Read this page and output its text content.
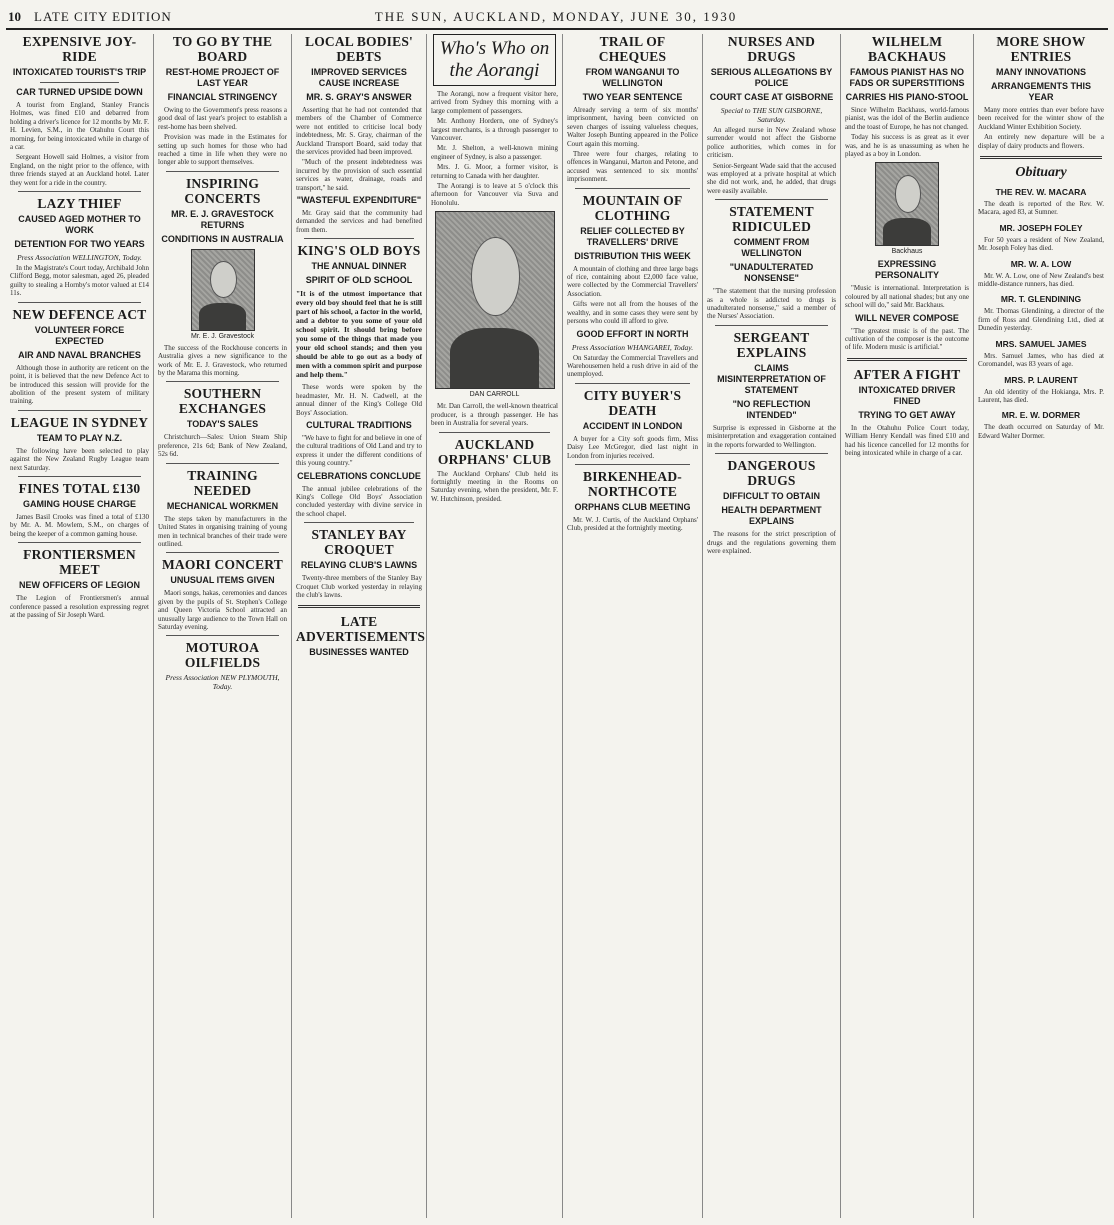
10 LATE CITY EDITION	THE SUN, AUCKLAND, MONDAY, JUNE 30, 1930
EXPENSIVE JOY-RIDE
INTOXICATED TOURIST'S TRIP
CAR TURNED UPSIDE DOWN

A tourist from England, Stanley Francis Holmes, was fined £10 and debarred from holding a driver's licence for 12 months by Mr. F. H. Levien, S.M., in the Otahuhu Court this morning, for being intoxicated while in charge of a car.

Sergeant Howell said Holmes, a visitor from England, on the night prior to the offence, with three friends stayed at an Auckland hotel. Later they went for a ride in the country.

LAZY THIEF
CAUSED AGED MOTHER TO WORK
DETENTION FOR TWO YEARS
Press Association WELLINGTON, Today.

In the Magistrate's Court today, Archibald John Clifford Begg, motor salesman, aged 26, pleaded guilty to stealing a Hornby's motor valued at £14 11s.

NEW DEFENCE ACT
VOLUNTEER FORCE EXPECTED
AIR AND NAVAL BRANCHES

Although those in authority are reticent on the point, it is believed that the new Defence Act to be introduced this session will provide for the abolition of the present system of military training.

LEAGUE IN SYDNEY
TEAM TO PLAY N.Z.

The following have been selected to play against the New Zealand Rugby League team next Saturday.

FINES TOTAL £130
GAMING HOUSE CHARGE

James Basil Crooks was fined a total of £130 by Mr. A. M. Mowlem, S.M., on charges of being the keeper of a common gaming house.

FRONTIERSMEN MEET
NEW OFFICERS OF LEGION

The Legion of Frontiersmen's annual conference passed a resolution expressing regret at the passing of Sir Joseph Ward.

TO GO BY THE BOARD
REST-HOME PROJECT OF LAST YEAR
FINANCIAL STRINGENCY

Owing to the Government's press reasons a good deal of last year's project to establish a rest-home has been shelved.

Provision was made in the Estimates for setting up such homes for those who had reached a time in life when they were no longer able to support themselves.

INSPIRING CONCERTS
MR. E. J. GRAVESTOCK RETURNS
CONDITIONS IN AUSTRALIA
Mr. E. J. Gravestock

The success of the Rockhouse concerts in Australia gives a new significance to the work of Mr. E. J. Gravestock, who returned by the Marama this morning.

SOUTHERN EXCHANGES
TODAY'S SALES

Christchurch—Sales: Union Steam Ship preference, 21s 6d; Bank of New Zealand, 52s 6d.

TRAINING NEEDED
MECHANICAL WORKMEN

The steps taken by manufacturers in the United States in organising training of young men in technical branches of their trade were outlined.

MAORI CONCERT
UNUSUAL ITEMS GIVEN

Maori songs, hakas, ceremonies and dances given by the pupils of St. Stephen's College and Queen Victoria School attracted an unusually large audience to the Town Hall on Saturday evening.

MOTUROA OILFIELDS
Press Association NEW PLYMOUTH, Today.
LOCAL BODIES' DEBTS
IMPROVED SERVICES CAUSE INCREASE
MR. S. GRAY'S ANSWER

Asserting that he had not contended that members of the Chamber of Commerce were not entitled to criticise local body indebtedness, Mr. S. Gray, chairman of the Auckland Transport Board, said today that the services provided had been improved.

"Much of the present indebtedness was incurred by the provision of such essential services as water, drainage, roads and transport," he said.

"WASTEFUL EXPENDITURE"

Mr. Gray said that the community had demanded the services and had benefited from them.

KING'S OLD BOYS
THE ANNUAL DINNER
SPIRIT OF OLD SCHOOL

"It is of the utmost importance that every old boy should feel that he is still part of his school, a factor in the world, and a debtor to you some of your old school spirit. It should bring before you some of the things that made you your old school stands; and then you should be able to go out as a body of men with a common spirit and purpose and help them."

These words were spoken by the headmaster, Mr. H. N. Cadwell, at the annual dinner of the King's College Old Boys' Association.

CULTURAL TRADITIONS

"We have to fight for and believe in one of the cultural traditions of Old Land and try to express it under the different conditions of this young country."

CELEBRATIONS CONCLUDE

The annual jubilee celebrations of the King's College Old Boys' Association concluded yesterday with divine service in the school chapel.

STANLEY BAY CROQUET
RELAYING CLUB'S LAWNS

Twenty-three members of the Stanley Bay Croquet Club worked yesterday in relaying the club's lawns.

LATE ADVERTISEMENTS
BUSINESSES WANTED
Who's Who on the Aorangi

The Aorangi, now a frequent visitor here, arrived from Sydney this morning with a large complement of passengers.

Mr. Anthony Hordern, one of Sydney's largest merchants, is a through passenger to Vancouver.

Mr. J. Shelton, a well-known mining engineer of Sydney, is also a passenger.

Mrs. J. G. Moor, a former visitor, is returning to Canada with her daughter.

The Aorangi is to leave at 5 o'clock this afternoon for Vancouver via Suva and Honolulu.

DAN CARROLL

Mr. Dan Carroll, the well-known theatrical producer, is a through passenger. He has been in Australia for several years.

AUCKLAND ORPHANS' CLUB

The Auckland Orphans' Club held its fortnightly meeting in the Rooms on Saturday evening, when the president, Mr. F. W. Hutchinson, presided.

TRAIL OF CHEQUES
FROM WANGANUI TO WELLINGTON
TWO YEAR SENTENCE

Already serving a term of six months' imprisonment, having been convicted on seven charges of issuing valueless cheques, Walter Joseph Bunting appeared in the Police Court again this morning.

Three were four charges, relating to offences in Wanganui, Marton and Petone, and accused was sentenced to six months' imprisonment.

MOUNTAIN OF CLOTHING
RELIEF COLLECTED BY TRAVELLERS' DRIVE
DISTRIBUTION THIS WEEK

A mountain of clothing and three large bags of rice, containing about £2,000 face value, were collected by the Commercial Travellers' Association.

Gifts were not all from the houses of the wealthy, and in some cases they were sent by persons who could ill afford to give.

GOOD EFFORT IN NORTH
Press Association WHANGAREI, Today.

On Saturday the Commercial Travellers and Warehousemen held a rush drive in aid of the unemployed.

CITY BUYER'S DEATH
ACCIDENT IN LONDON

A buyer for a City soft goods firm, Miss Daisy Lee McGregor, died last night in London from injuries received.

BIRKENHEAD-NORTHCOTE
ORPHANS CLUB MEETING

Mr. W. J. Curtis, of the Auckland Orphans' Club, presided at the fortnightly meeting.

NURSES AND DRUGS
SERIOUS ALLEGATIONS BY POLICE
COURT CASE AT GISBORNE
Special to THE SUN GISBORNE, Saturday.

An alleged nurse in New Zealand whose surrender would not affect the Gisborne police authorities, which comes in for criticism.

Senior-Sergeant Wade said that the accused was employed at a private hospital at which she did not work, and, he added, that drugs were easily available.

STATEMENT RIDICULED
COMMENT FROM WELLINGTON
"UNADULTERATED NONSENSE"

"The statement that the nursing profession as a whole is addicted to drugs is unadulterated nonsense," said a member of the Nurses' Association.

SERGEANT EXPLAINS
CLAIMS MISINTERPRETATION OF STATEMENT
"NO REFLECTION INTENDED"

Surprise is expressed in Gisborne at the misinterpretation and exaggeration contained in the reports forwarded to Wellington.

DANGEROUS DRUGS
DIFFICULT TO OBTAIN
HEALTH DEPARTMENT EXPLAINS

The reasons for the strict prescription of drugs and the regulations governing them were explained.

WILHELM BACKHAUS
FAMOUS PIANIST HAS NO FADS OR SUPERSTITIONS
CARRIES HIS PIANO-STOOL

Since Wilhelm Backhaus, world-famous pianist, was the idol of the Berlin audience and the toast of Europe, he has not changed.

Today his success is as great as it ever was, and he is as unassuming as when he played as a boy in London.

Backhaus
EXPRESSING PERSONALITY

"Music is international. Interpretation is coloured by all national shades; but any one school will do," said Mr. Backhaus.

WILL NEVER COMPOSE

"The greatest music is of the past. The cultivation of the composer is the outcome of life. Modern music is artificial."

AFTER A FIGHT
INTOXICATED DRIVER FINED
TRYING TO GET AWAY

In the Otahuhu Police Court today, William Henry Kendall was fined £10 and had his licence cancelled for 12 months for being intoxicated while in charge of a car.

MORE SHOW ENTRIES
MANY INNOVATIONS
ARRANGEMENTS THIS YEAR

Many more entries than ever before have been received for the winter show of the Auckland Winter Exhibition Society.

An entirely new departure will be a display of dairy products and flowers.

Obituary
THE REV. W. MACARA

The death is reported of the Rev. W. Macara, aged 83, at Sumner.

MR. JOSEPH FOLEY

For 50 years a resident of New Zealand, Mr. Joseph Foley has died.

MR. W. A. LOW

Mr. W. A. Low, one of New Zealand's best middle-distance runners, has died.

MR. T. GLENDINING

Mr. Thomas Glendining, a director of the firm of Ross and Glendining Ltd., died at Dunedin yesterday.

MRS. SAMUEL JAMES

Mrs. Samuel James, who has died at Coromandel, was 83 years of age.

MRS. P. LAURENT

An old identity of the Hokianga, Mrs. P. Laurent, has died.

MR. E. W. DORMER

The death occurred on Saturday of Mr. Edward Walter Dormer.
